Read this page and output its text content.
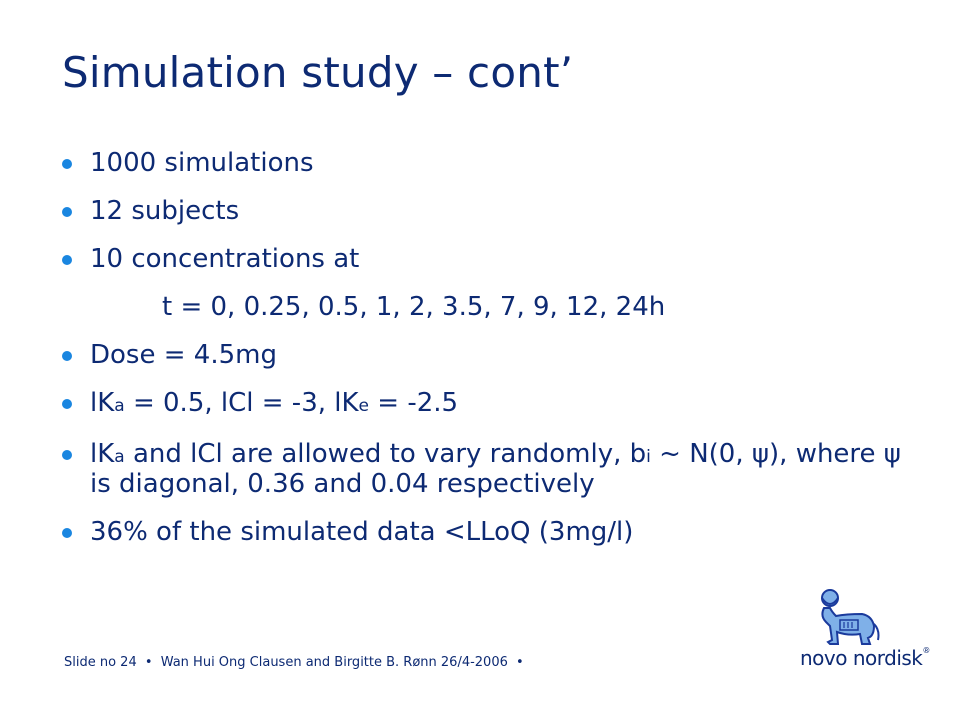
Simulation study – cont’
1000 simulations
12 subjects
10 concentrations at
t = 0, 0.25, 0.5, 1, 2, 3.5, 7, 9, 12, 24h
Dose = 4.5mg
lKa = 0.5, lCl = -3, lKe = -2.5
lKa and lCl are allowed to vary randomly, bi ~ N(0, ψ), where ψ is diagonal, 0.36 and 0.04 respectively
36% of the simulated data <LLoQ (3mg/l)
Slide no 24 • Wan Hui Ong Clausen and Birgitte B. Rønn 26/4-2006 •	novo nordisk®
